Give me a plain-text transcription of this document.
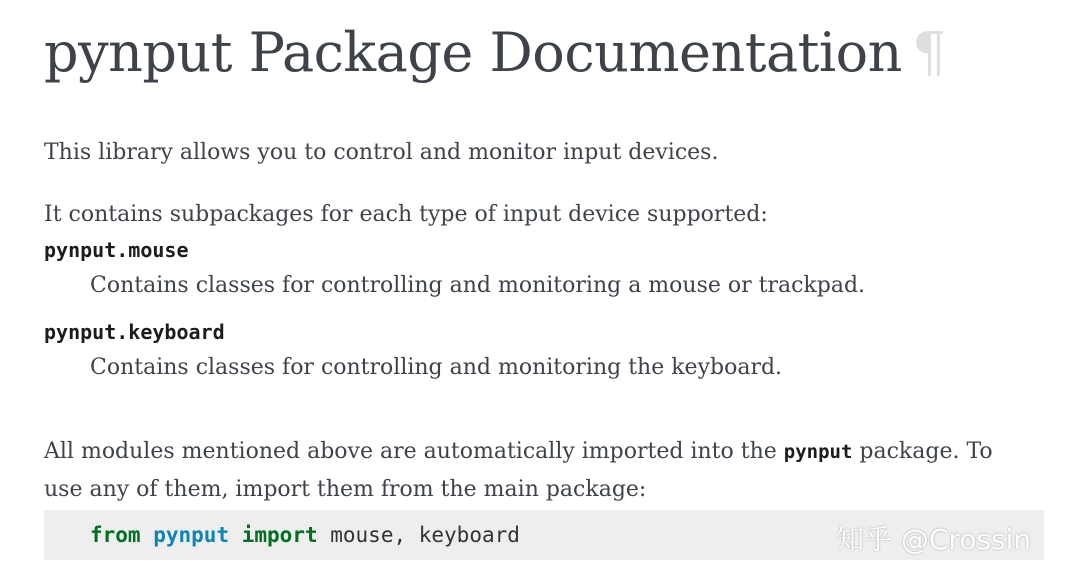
pynput Package Documentation ¶

This library allows you to control and monitor input devices.

It contains subpackages for each type of input device supported:

pynput.mouse
Contains classes for controlling and monitoring a mouse or trackpad.
pynput.keyboard
Contains classes for controlling and monitoring the keyboard.

All modules mentioned above are automatically imported into the pynput package. To use any of them, import them from the main package:

from pynput import mouse, keyboard	知乎 @Crossin
